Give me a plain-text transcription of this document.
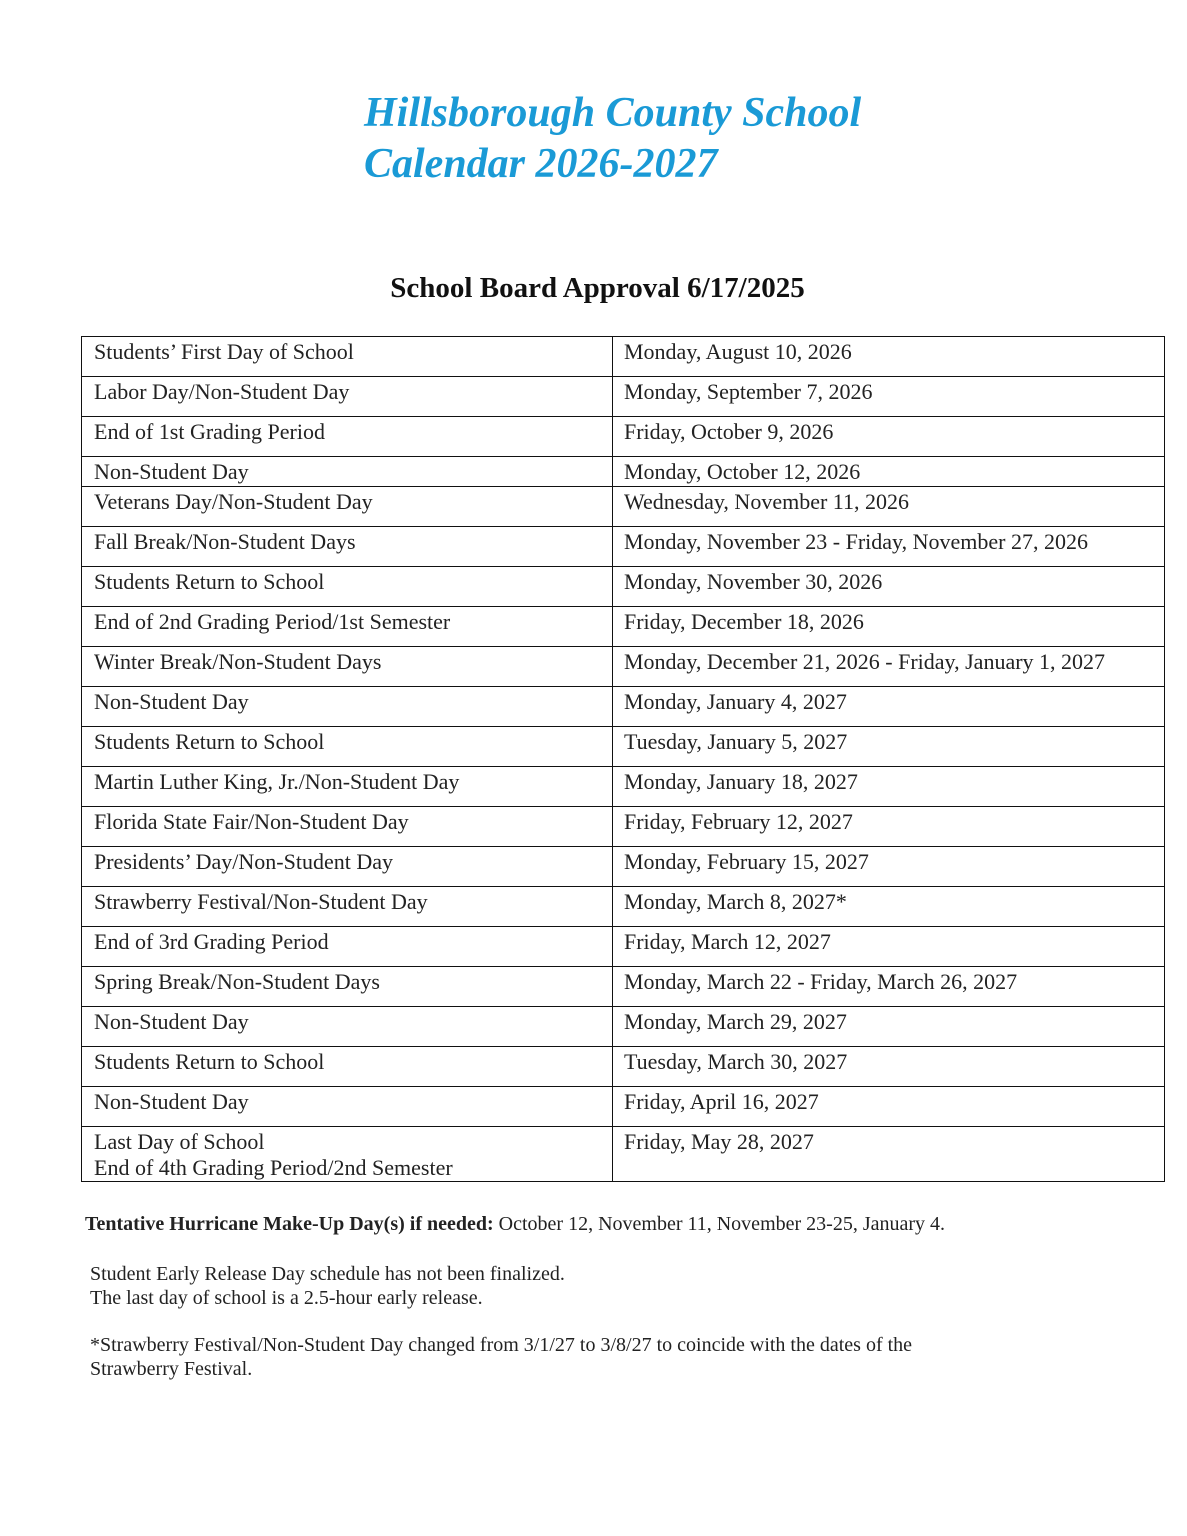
Hillsborough County School
Calendar 2026-2027
School Board Approval 6/17/2025
Students’ First Day of School	Monday, August 10, 2026

Labor Day/Non-Student Day	Monday, September 7, 2026

End of 1st Grading Period	Friday, October 9, 2026

Non-Student Day	Monday, October 12, 2026

Veterans Day/Non-Student Day	Wednesday, November 11, 2026

Fall Break/Non-Student Days	Monday, November 23 - Friday, November 27, 2026

Students Return to School	Monday, November 30, 2026

End of 2nd Grading Period/1st Semester	Friday, December 18, 2026

Winter Break/Non-Student Days	Monday, December 21, 2026 - Friday, January 1, 2027

Non-Student Day	Monday, January 4, 2027

Students Return to School	Tuesday, January 5, 2027

Martin Luther King, Jr./Non-Student Day	Monday, January 18, 2027

Florida State Fair/Non-Student Day	Friday, February 12, 2027

Presidents’ Day/Non-Student Day	Monday, February 15, 2027

Strawberry Festival/Non-Student Day	Monday, March 8, 2027*

End of 3rd Grading Period	Friday, March 12, 2027

Spring Break/Non-Student Days	Monday, March 22 - Friday, March 26, 2027

Non-Student Day	Monday, March 29, 2027

Students Return to School	Tuesday, March 30, 2027

Non-Student Day	Friday, April 16, 2027

Last Day of School
End of 4th Grading Period/2nd Semester	Friday, May 28, 2027

Tentative Hurricane Make-Up Day(s) if needed: October 12, November 11, November 23-25, January 4.

Student Early Release Day schedule has not been finalized.

The last day of school is a 2.5-hour early release.

*Strawberry Festival/Non-Student Day changed from 3/1/27 to 3/8/27 to coincide with the dates of the

Strawberry Festival.
